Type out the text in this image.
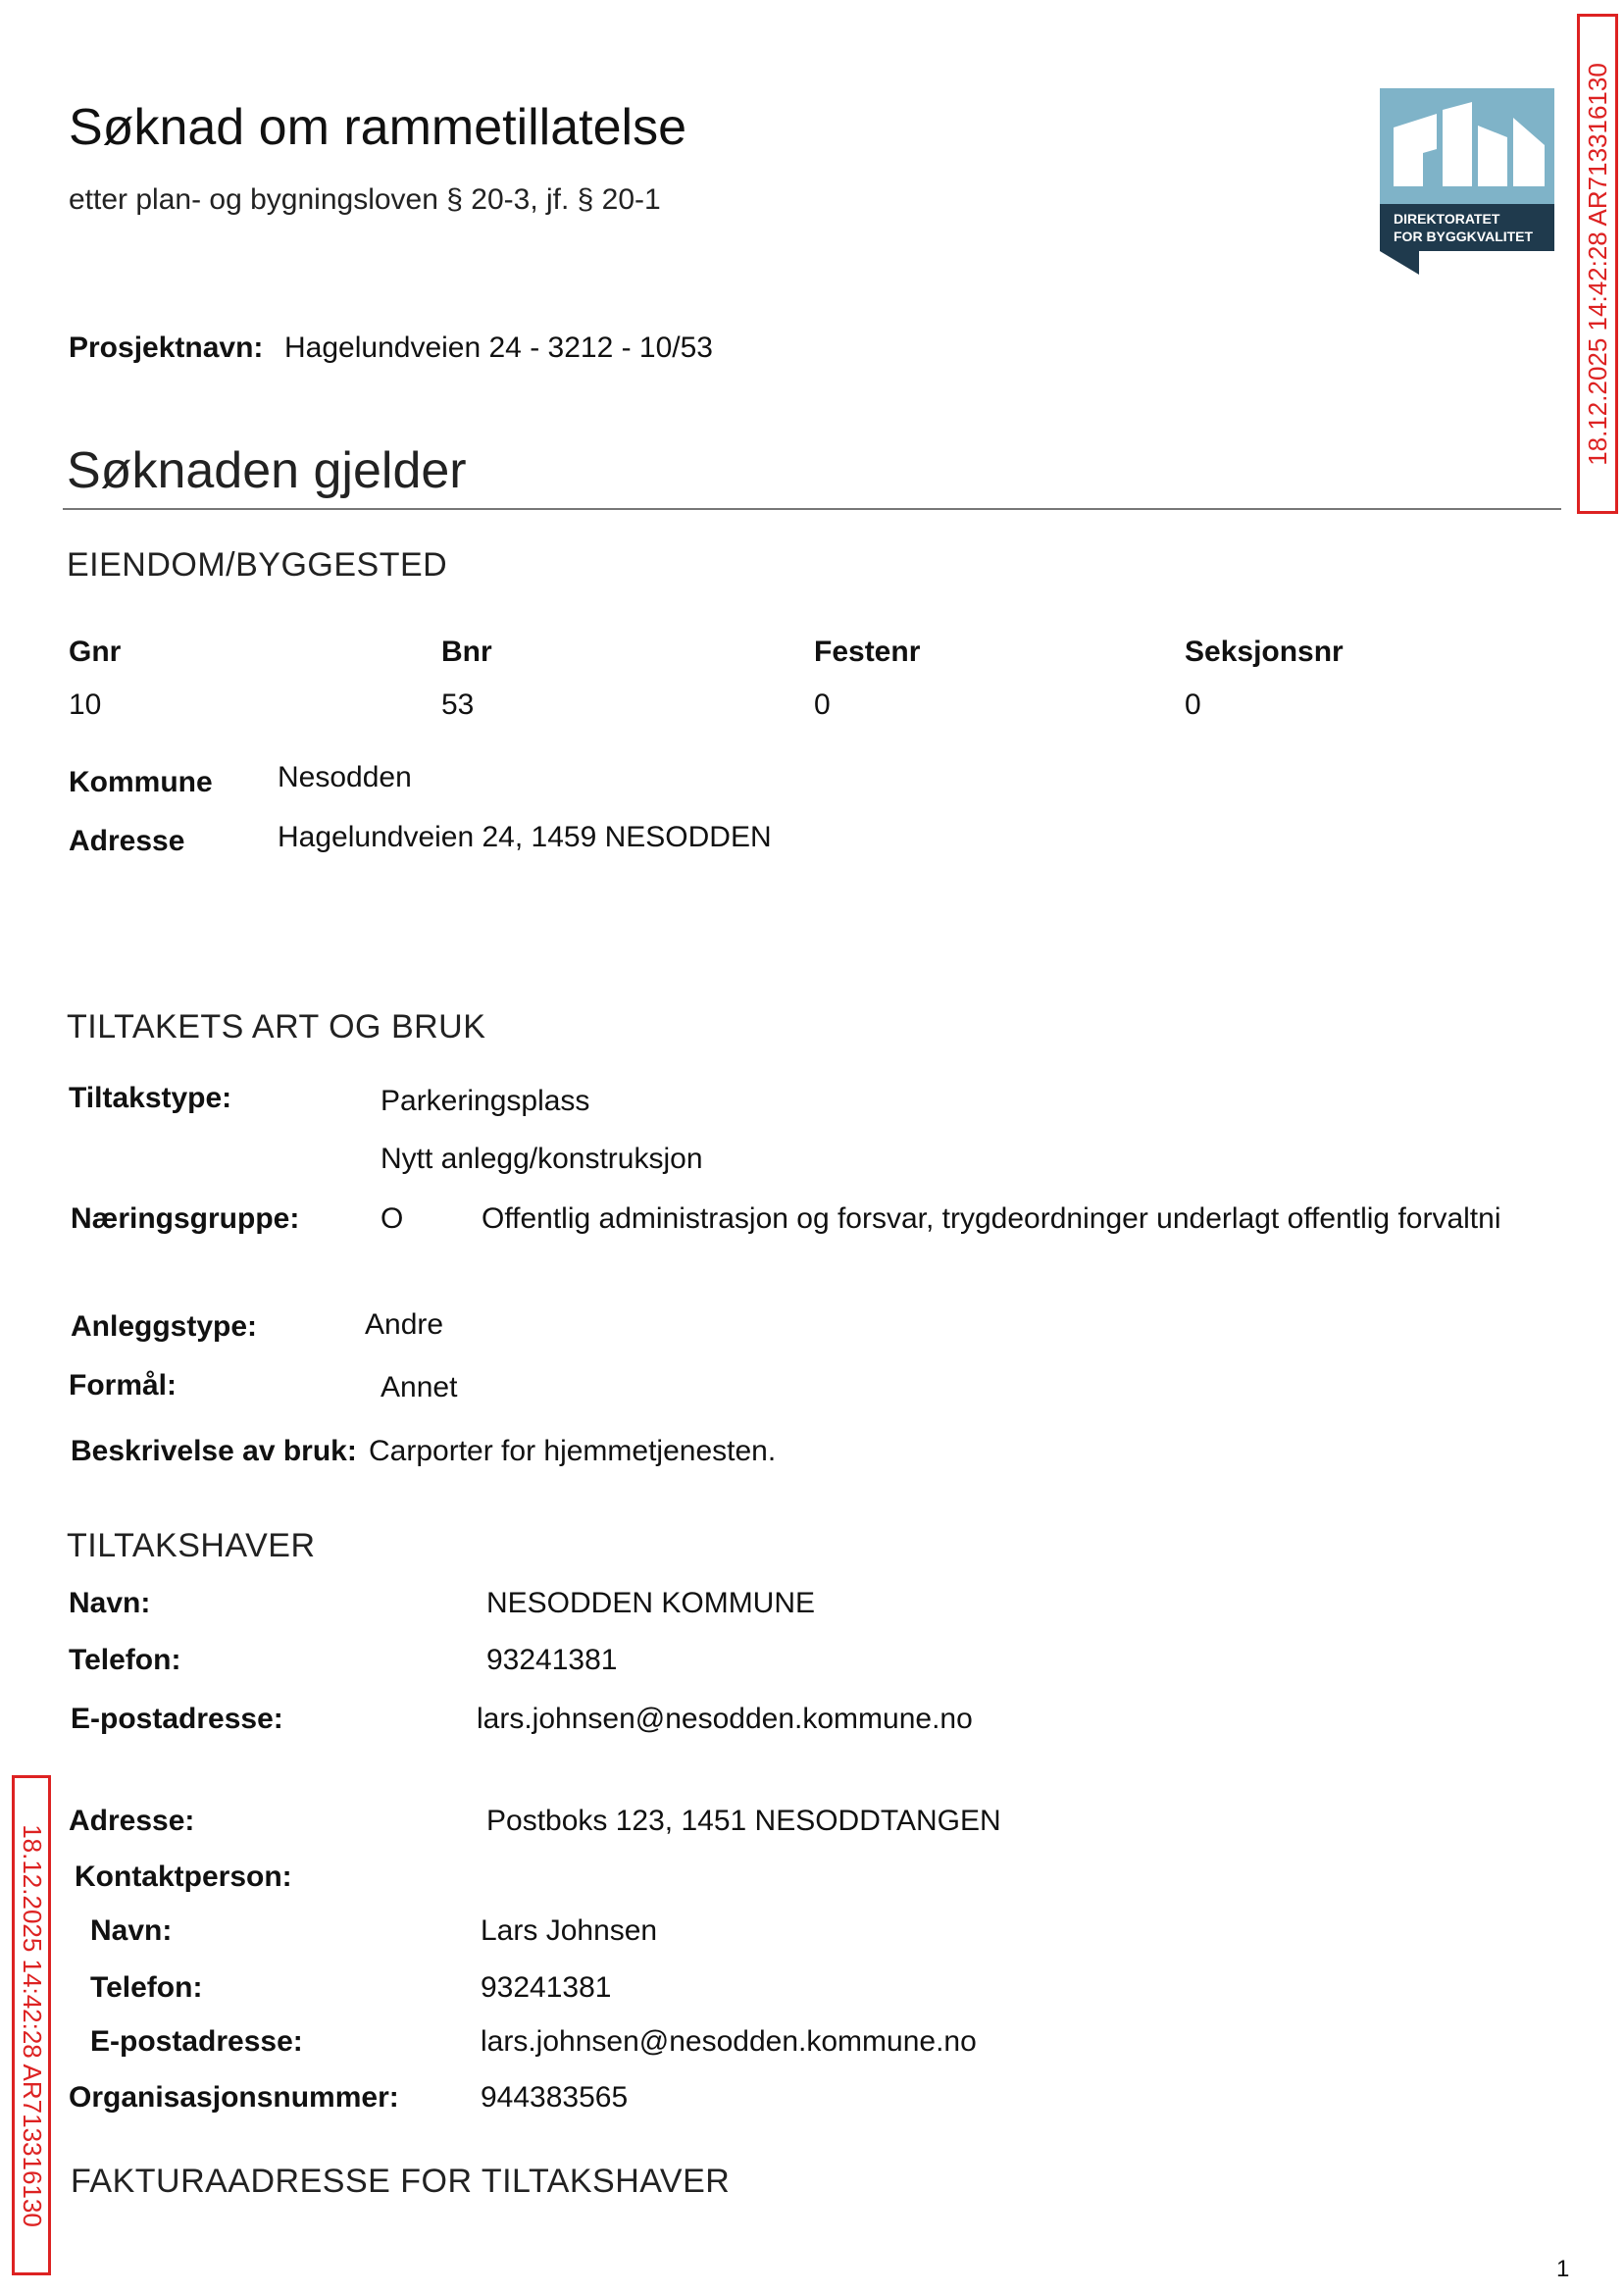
Søknad om rammetillatelse
etter plan- og bygningsloven § 20-3, jf. § 20-1
DIREKTORATET
FOR BYGGKVALITET 18.12.2025 14:42:28 AR713316130
Prosjektnavn: Hagelundveien 24 - 3212 - 10/53
Søknaden gjelder
EIENDOM/BYGGESTED
Gnr	Bnr	Festenr	Seksjonsnr
10	53	0	0
Kommune Nesodden
Adresse	Hagelundveien 24, 1459 NESODDEN
TILTAKETS ART OG BRUK
Tiltakstype:	Parkeringsplass
Nytt anlegg/konstruksjon
Næringsgruppe:	O	Offentlig administrasjon og forsvar, trygdeordninger underlagt offentlig forvaltni
Anleggstype:	Andre
Formål:	Annet
Beskrivelse av bruk: Carporter for hjemmetjenesten.
TILTAKSHAVER
Navn:	NESODDEN KOMMUNE
Telefon:	93241381
E-postadresse:	lars.johnsen@nesodden.kommune.no
Adresse:	Postboks 123, 1451 NESODDTANGEN
Kontaktperson:
Navn:	Lars Johnsen
Telefon:	93241381
E-postadresse:	lars.johnsen@nesodden.kommune.no
Organisasjonsnummer:	944383565
FAKTURAADRESSE FOR TILTAKSHAVER
18.12.2025 14:42:28 AR713316130
1
